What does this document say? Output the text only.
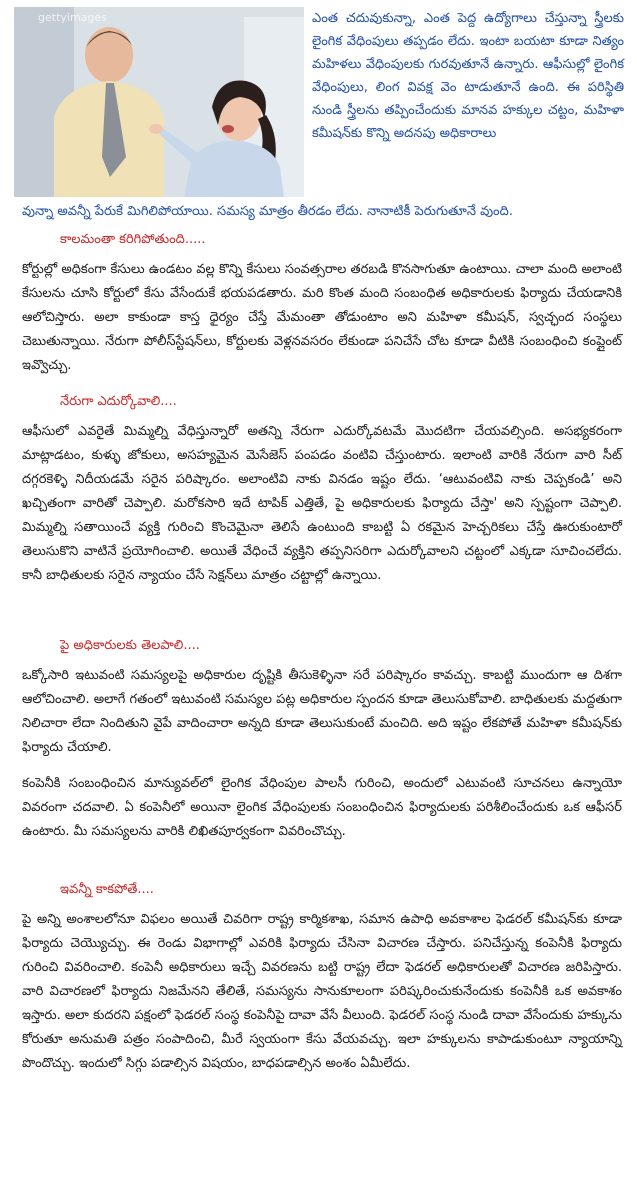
gettyimages	ఎంత చదువుకున్నా, ఎంత పెద్ద ఉద్యోగాలు చేస్తున్నా స్త్రీలకు లైంగిక వేధింపులు తప్పడం లేదు. ఇంటా బయటా కూడా నిత్యం మహిళలు వేధింపులకు గురవుతూనే ఉన్నారు. ఆఫీసుల్లో లైంగిక వేధింపులు, లింగ వివక్ష వెం టాడుతూనే ఉంది. ఈ పరిస్థితి నుండి స్త్రీలను తప్పించేందుకు మానవ హక్కుల చట్టం, మహిళా కమీషన్‌కు కొన్ని అదనపు అధికారాలు
వున్నా అవన్నీ పేరుకే మిగిలిపోయాయి. సమస్య మాత్రం తీరడం లేదు. నానాటికీ పెరుగుతూనే వుంది.
కాలమంతా కరిగిపోతుంది.....
కోర్టుల్లో అధికంగా కేసులు ఉండటం వల్ల కొన్ని కేసులు సంవత్సరాల తరబడి కొనసాగుతూ ఉంటాయి. చాలా మంది అలాంటి కేసులను చూసి కోర్టులో కేసు వేసేందుకే భయపడతారు. మరి కొంత మంది సంబంధిత అధికారులకు ఫిర్యాదు చేయడానికి ఆలోచిస్తారు. అలా కాకుండా కాస్త ధైర్యం చేస్తే మేమంతా తోడుంటాం అని మహిళా కమీషన్, స్వచ్ఛంద సంస్థలు చెబుతున్నాయి. నేరుగా పోలీస్‌స్టేషన్‌లు, కోర్టులకు వెళ్లనవసరం లేకుండా పనిచేసే చోట కూడా వీటికి సంబంధించి కంప్లైంట్ ఇవ్వొచ్చు.
నేరుగా ఎదుర్కోవాలి....
ఆఫీసులో ఎవరైతే మిమ్మల్ని వేధిస్తున్నారో అతన్ని నేరుగా ఎదుర్కోవటమే మొదటిగా చేయవల్సింది. అసభ్యకరంగా మాట్లాడటం, కుళ్ళు జోకులు, అసహ్యమైన మెసేజెస్ పంపడం వంటివి చేస్తుంటారు. ఇలాంటి వారికి నేరుగా వారి సీట్ దగ్గరకెళ్ళి నిదీయడమే సరైన పరిష్కారం. అలాంటివి నాకు వినడం ఇష్టం లేదు. ‘ఆటువంటివి నాకు చెప్పకండి’ అని ఖచ్చితంగా వారితో చెప్పాలి. మరోకసారి ఇదే టాపిక్ ఎత్తితే, పై అధికారులకు ఫిర్యాదు చేస్తా' అని స్పష్టంగా చెప్పాలి. మిమ్మల్ని సతాయించే వ్యక్తి గురించి కొంచెమైనా తెలిసే ఉంటుంది కాబట్టి ఏ రకమైన హెచ్చరికలు చేస్తే ఊరుకుంటారో తెలుసుకొని వాటినే ప్రయోగించాలి. అయితే వేధించే వ్యక్తిని తప్పనిసరిగా ఎదుర్కోవాలని చట్టంలో ఎక్కడా సూచించలేదు. కానీ బాధితులకు సరైన న్యాయం చేసే సెక్షన్‌లు మాత్రం చట్టాల్లో ఉన్నాయి.
పై అధికారులకు తెలపాలి....
ఒక్కోసారి ఇటువంటి సమస్యలపై అధికారుల దృష్టికి తీసుకెళ్ళినా సరే పరిష్కారం కావచ్చు. కాబట్టి ముందుగా ఆ దిశగా ఆలోచించాలి. అలాగే గతంలో ఇటువంటి సమస్యల పట్ల అధికారుల స్పందన కూడా తెలుసుకోవాలి. బాధితులకు మద్దతుగా నిలిచారా లేదా నిందితుని వైపే వాదించారా అన్నది కూడా తెలుసుకుంటే మంచిది. అది ఇష్టం లేకపోతే మహిళా కమీషన్‌కు ఫిర్యాదు చేయాలి.
కంపెనీకి సంబంధించిన మాన్యువల్‌లో లైంగిక వేధింపుల పాలసీ గురించి, అందులో ఎటువంటి సూచనలు ఉన్నాయో వివరంగా చదవాలి. ఏ కంపెనీలో అయినా లైంగిక వేధింపులకు సంబంధించిన ఫిర్యాదులకు పరిశీలించేందుకు ఒక ఆఫీసర్ ఉంటారు. మీ సమస్యలను వారికి లిఖితపూర్వకంగా వివరించొచ్చు.
ఇవన్నీ కాకపోతే....
పై అన్ని అంశాలలోనూ విఫలం అయితే చివరిగా రాష్ట్ర కార్మికశాఖ, సమాన ఉపాధి అవకాశాల ఫెడరల్ కమీషన్‌కు కూడా ఫిర్యాదు చెయ్యొచ్చు. ఈ రెండు విభాగాల్లో ఎవరికి ఫిర్యాదు చేసినా విచారణ చేస్తారు. పనిచేస్తున్న కంపెనీకి ఫిర్యాదు గురించి వివరించాలి. కంపెనీ అధికారులు ఇచ్చే వివరణను బట్టి రాష్ట్ర లేదా ఫెడరల్ అధికారులతో విచారణ జరిపిస్తారు. వారి విచారణలో ఫిర్యాదు నిజమేనని తేలితే, సమస్యను సానుకూలంగా పరిష్కరించుకునేందుకు కంపెనీకి ఒక అవకాశం ఇస్తారు. అలా కుదరని పక్షంలో ఫెడరల్ సంస్థ కంపెనీపై దావా వేసే వీలుంది. ఫెడరల్ సంస్థ నుండి దావా వేసేందుకు హక్కును కోరుతూ అనుమతి పత్రం సంపాదించి, మీరే స్వయంగా కేసు వేయవచ్చు. ఇలా హక్కులను కాపాడుకుంటూ న్యాయాన్ని పొందొచ్చు. ఇందులో సిగ్గు పడాల్సిన విషయం, బాధపడాల్సిన అంశం ఏమీలేదు.
